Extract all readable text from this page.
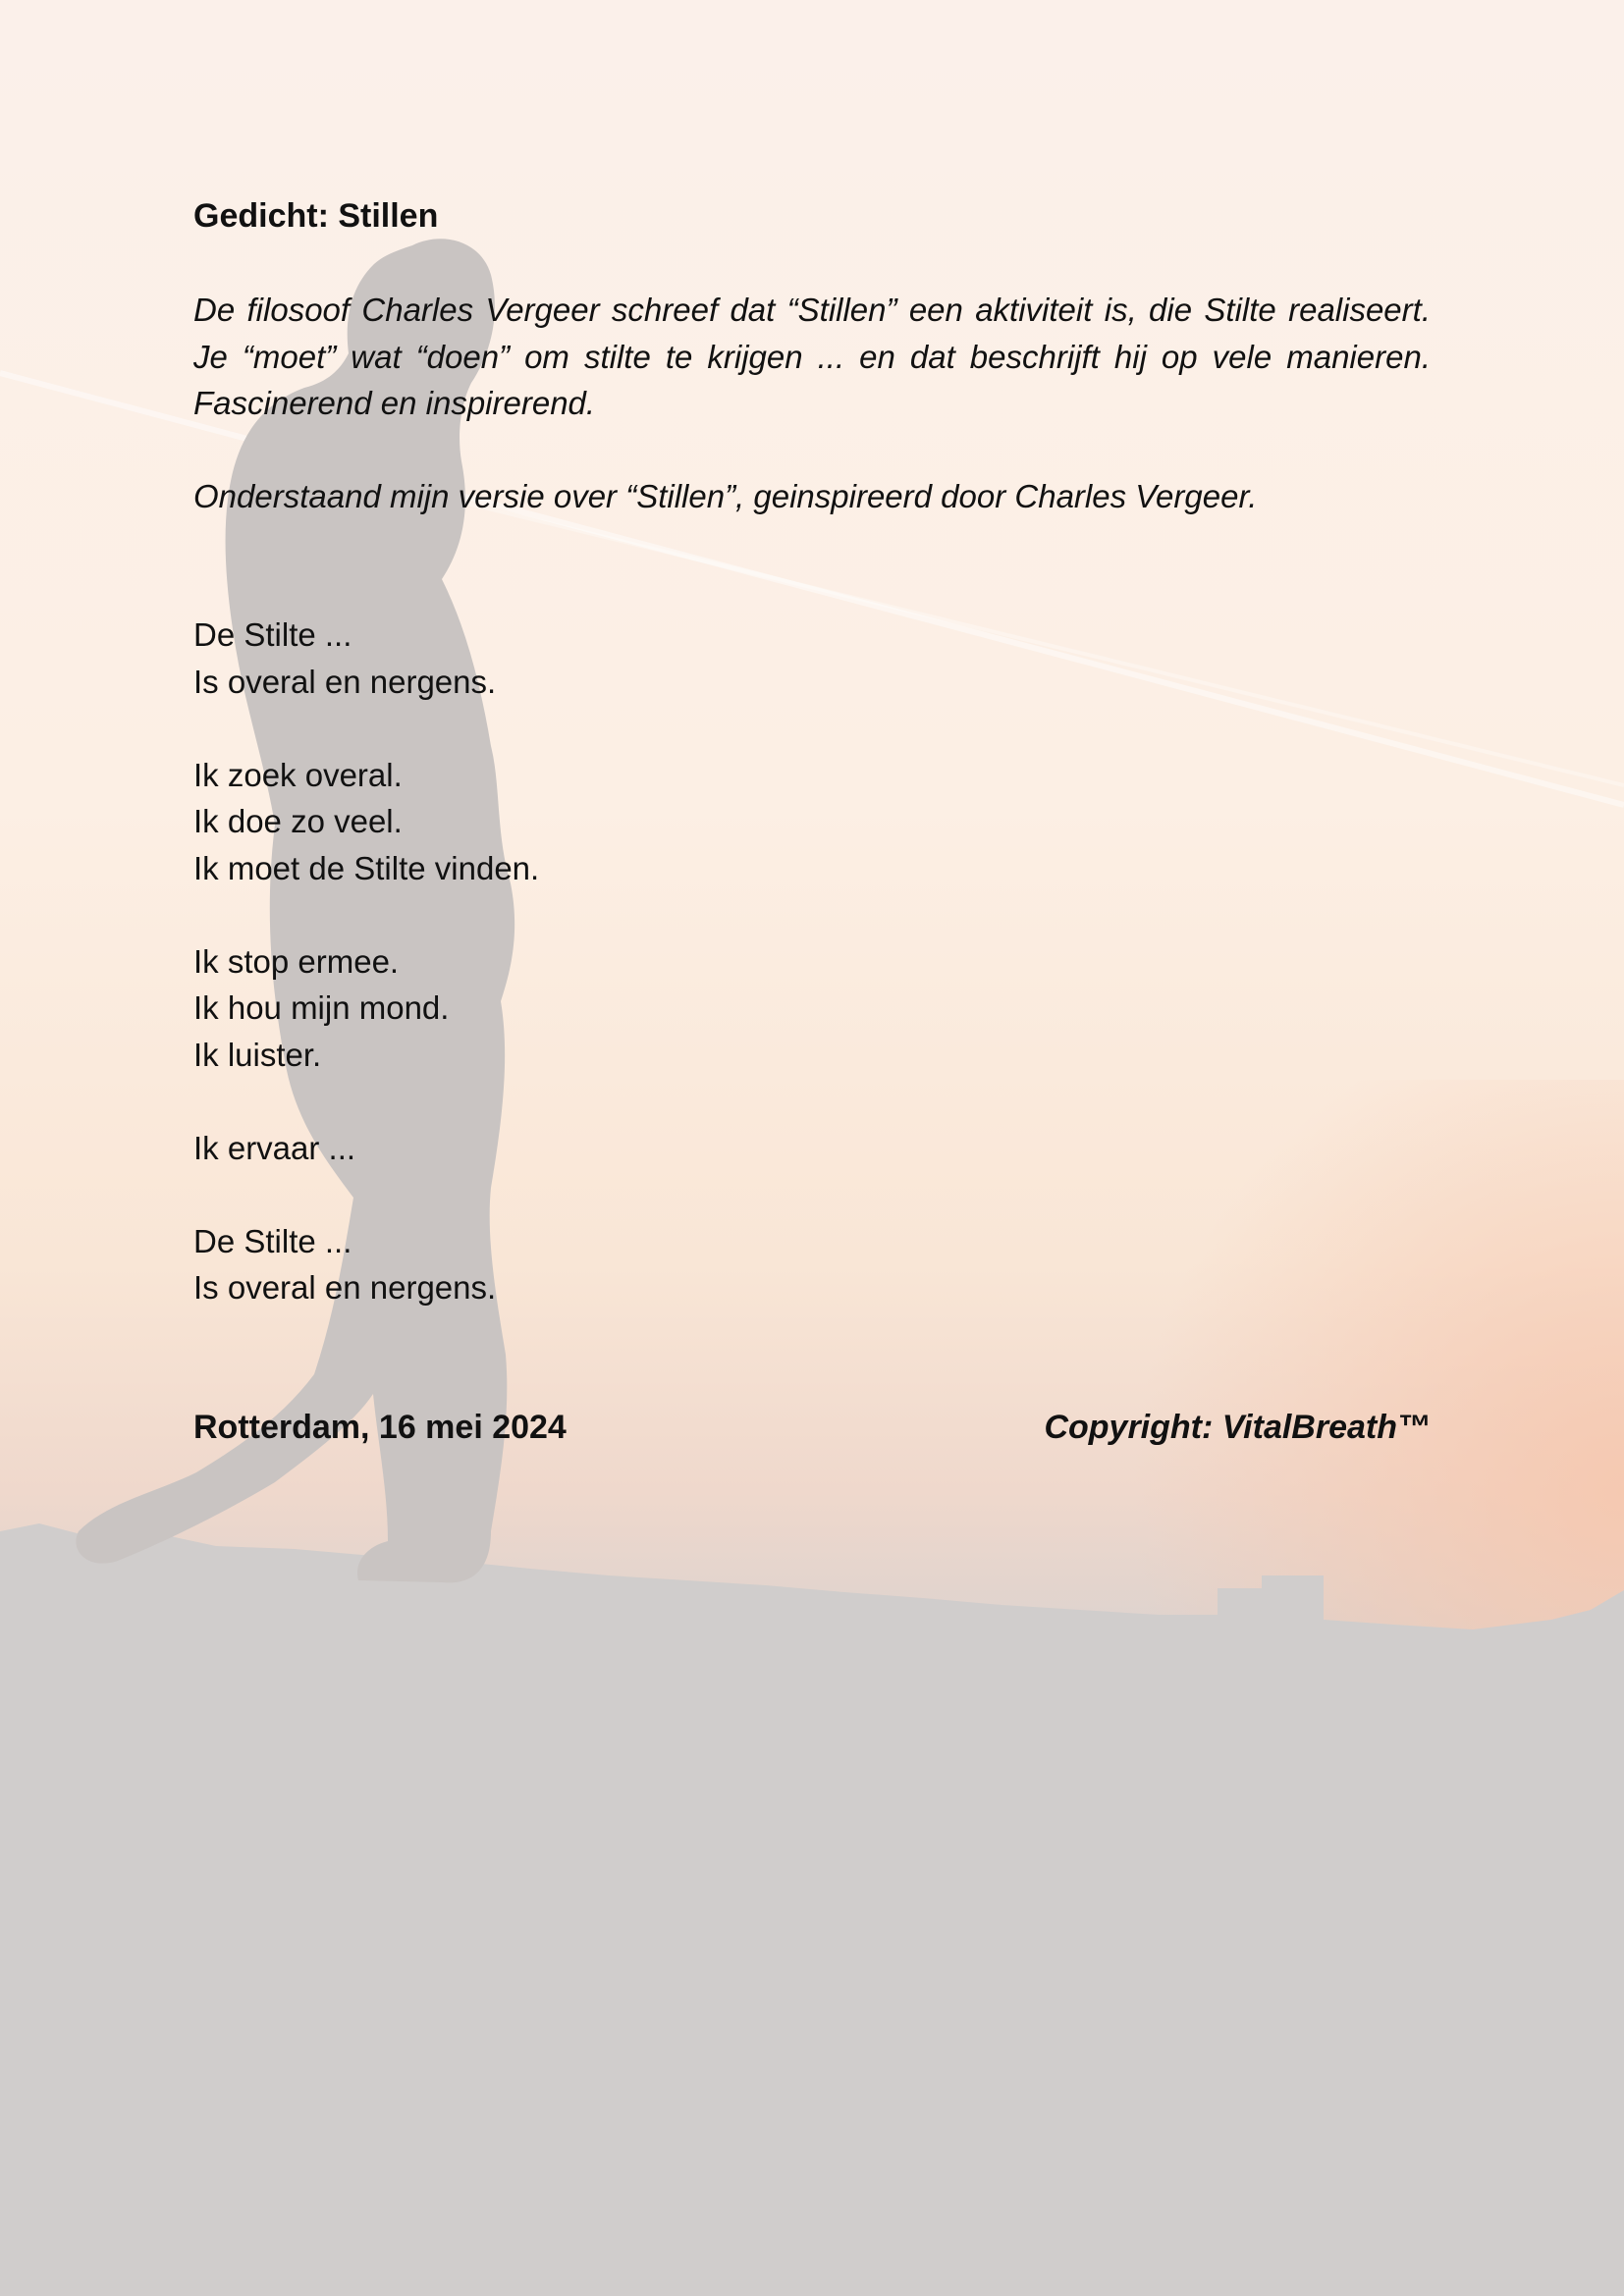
Gedicht: Stillen

De filosoof Charles Vergeer schreef dat “Stillen” een aktiviteit is, die Stilte realiseert. Je “moet” wat “doen” om stilte te krijgen ... en dat beschrijft hij op vele manieren. Fascinerend en inspirerend.

Onderstaand mijn versie over “Stillen”, geinspireerd door Charles Vergeer.

De Stilte ...
Is overal en nergens.
Ik zoek overal.
Ik doe zo veel.
Ik moet de Stilte vinden.
Ik stop ermee.
Ik hou mijn mond.
Ik luister.
Ik ervaar ...
De Stilte ...
Is overal en nergens.
Rotterdam, 16 mei 2024	Copyright: VitalBreath™
